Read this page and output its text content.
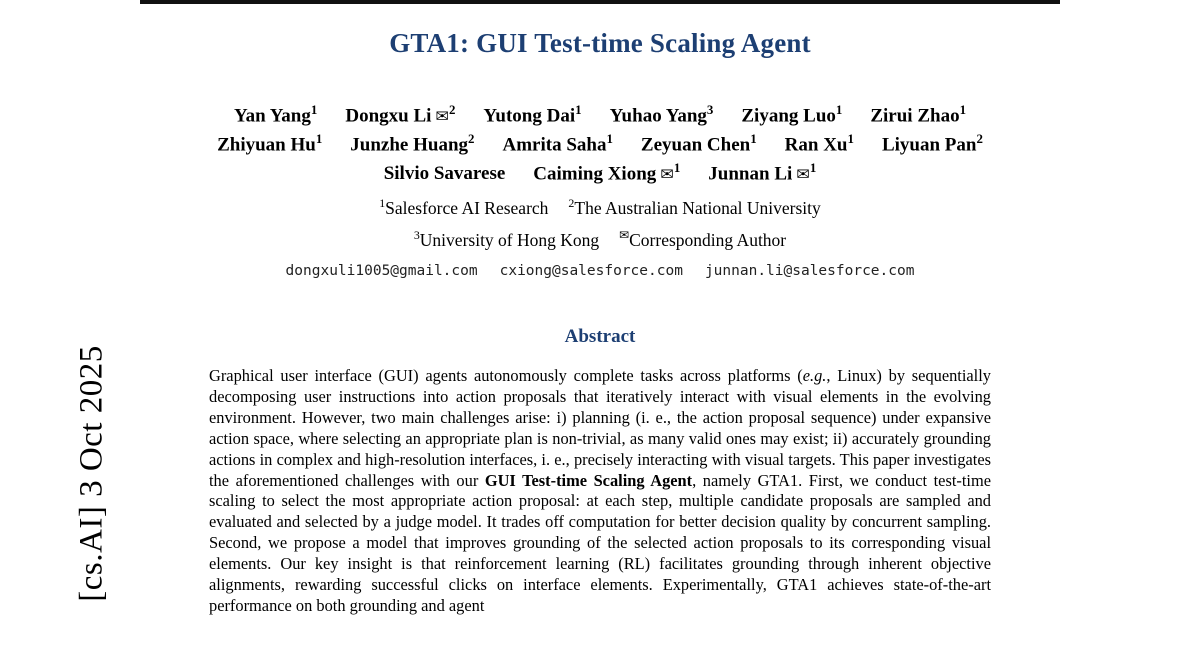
[cs.AI] 3 Oct 2025
GTA1: GUI Test-time Scaling Agent
Yan Yang$^1$ Dongxu Li ✉$^2$ Yutong Dai$^1$ Yuhao Yang$^3$ Ziyang Luo$^1$ Zirui Zhao$^1$
Zhiyuan Hu$^1$ Junzhe Huang$^2$ Amrita Saha$^1$ Zeyuan Chen$^1$ Ran Xu$^1$ Liyuan Pan$^2$
Silvio Savarese Caiming Xiong ✉$^1$ Junnan Li ✉$^1$
$^1$Salesforce AI Research $^2$The Australian National University
$^3$University of Hong Kong ✉Corresponding Author
dongxuli1005@gmail.com cxiong@salesforce.com junnan.li@salesforce.com
Abstract

Graphical user interface (GUI) agents autonomously complete tasks across platforms (e.g., Linux) by sequentially decomposing user instructions into action proposals that iteratively interact with visual elements in the evolving environment. However, two main challenges arise: i) planning (i. e., the action proposal sequence) under expansive action space, where selecting an appropriate plan is non-trivial, as many valid ones may exist; ii) accurately grounding actions in complex and high-resolution interfaces, i. e., precisely interacting with visual targets. This paper investigates the aforementioned challenges with our GUI Test-time Scaling Agent, namely GTA1. First, we conduct test-time scaling to select the most appropriate action proposal: at each step, multiple candidate proposals are sampled and evaluated and selected by a judge model. It trades off computation for better decision quality by concurrent sampling. Second, we propose a model that improves grounding of the selected action proposals to its corresponding visual elements. Our key insight is that reinforcement learning (RL) facilitates grounding through inherent objective alignments, rewarding successful clicks on interface elements. Experimentally, GTA1 achieves state-of-the-art performance on both grounding and agent
